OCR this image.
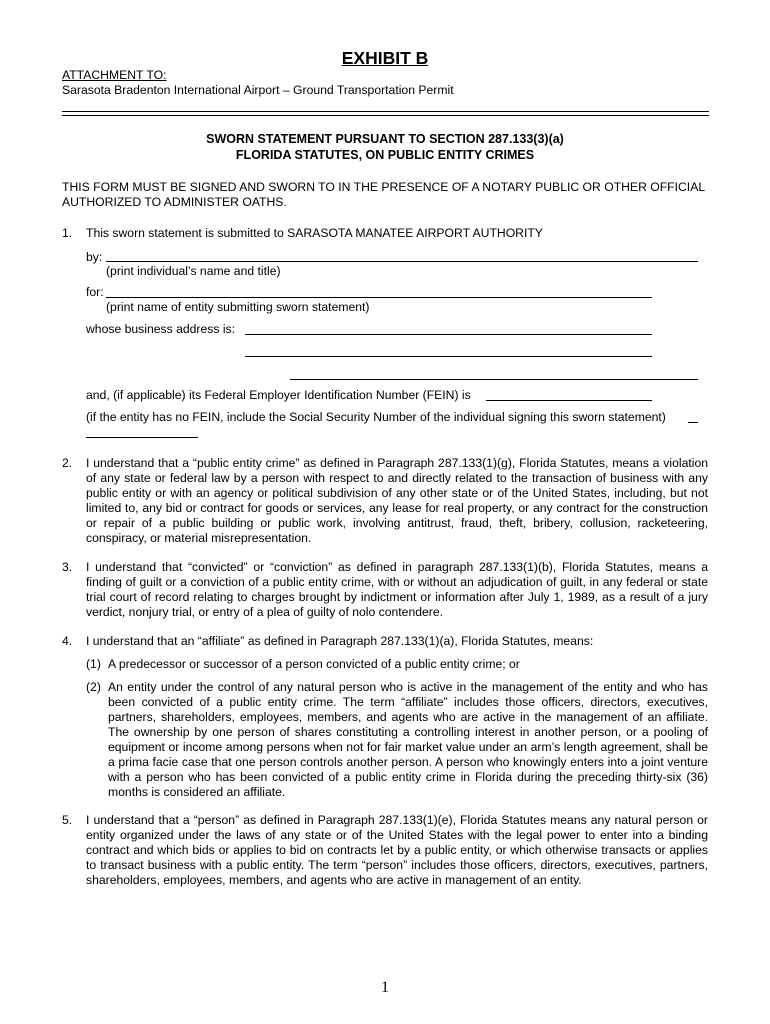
EXHIBIT B
ATTACHMENT TO:
Sarasota Bradenton International Airport – Ground Transportation Permit
SWORN STATEMENT PURSUANT TO SECTION 287.133(3)(a)
FLORIDA STATUTES, ON PUBLIC ENTITY CRIMES
THIS FORM MUST BE SIGNED AND SWORN TO IN THE PRESENCE OF A NOTARY PUBLIC OR OTHER OFFICIAL AUTHORIZED TO ADMINISTER OATHS.
1. This sworn statement is submitted to SARASOTA MANATEE AIRPORT AUTHORITY
by:
(print individual’s name and title)
for:
(print name of entity submitting sworn statement)
whose business address is:
and, (if applicable) its Federal Employer Identification Number (FEIN) is
(if the entity has no FEIN, include the Social Security Number of the individual signing this sworn statement)
2. I understand that a “public entity crime” as defined in Paragraph 287.133(1)(g), Florida Statutes, means a violation of any state or federal law by a person with respect to and directly related to the transaction of business with any public entity or with an agency or political subdivision of any other state or of the United States, including, but not limited to, any bid or contract for goods or services, any lease for real property, or any contract for the construction or repair of a public building or public work, involving antitrust, fraud, theft, bribery, collusion, racketeering, conspiracy, or material misrepresentation.
3. I understand that “convicted” or “conviction” as defined in paragraph 287.133(1)(b), Florida Statutes, means a finding of guilt or a conviction of a public entity crime, with or without an adjudication of guilt, in any federal or state trial court of record relating to charges brought by indictment or information after July 1, 1989, as a result of a jury verdict, nonjury trial, or entry of a plea of guilty of nolo contendere.
4. I understand that an “affiliate” as defined in Paragraph 287.133(1)(a), Florida Statutes, means:
(1) A predecessor or successor of a person convicted of a public entity crime; or
(2) An entity under the control of any natural person who is active in the management of the entity and who has been convicted of a public entity crime. The term “affiliate” includes those officers, directors, executives, partners, shareholders, employees, members, and agents who are active in the management of an affiliate. The ownership by one person of shares constituting a controlling interest in another person, or a pooling of equipment or income among persons when not for fair market value under an arm’s length agreement, shall be a prima facie case that one person controls another person. A person who knowingly enters into a joint venture with a person who has been convicted of a public entity crime in Florida during the preceding thirty-six (36) months is considered an affiliate.
5. I understand that a “person” as defined in Paragraph 287.133(1)(e), Florida Statutes means any natural person or entity organized under the laws of any state or of the United States with the legal power to enter into a binding contract and which bids or applies to bid on contracts let by a public entity, or which otherwise transacts or applies to transact business with a public entity. The term “person” includes those officers, directors, executives, partners, shareholders, employees, members, and agents who are active in management of an entity.
1
